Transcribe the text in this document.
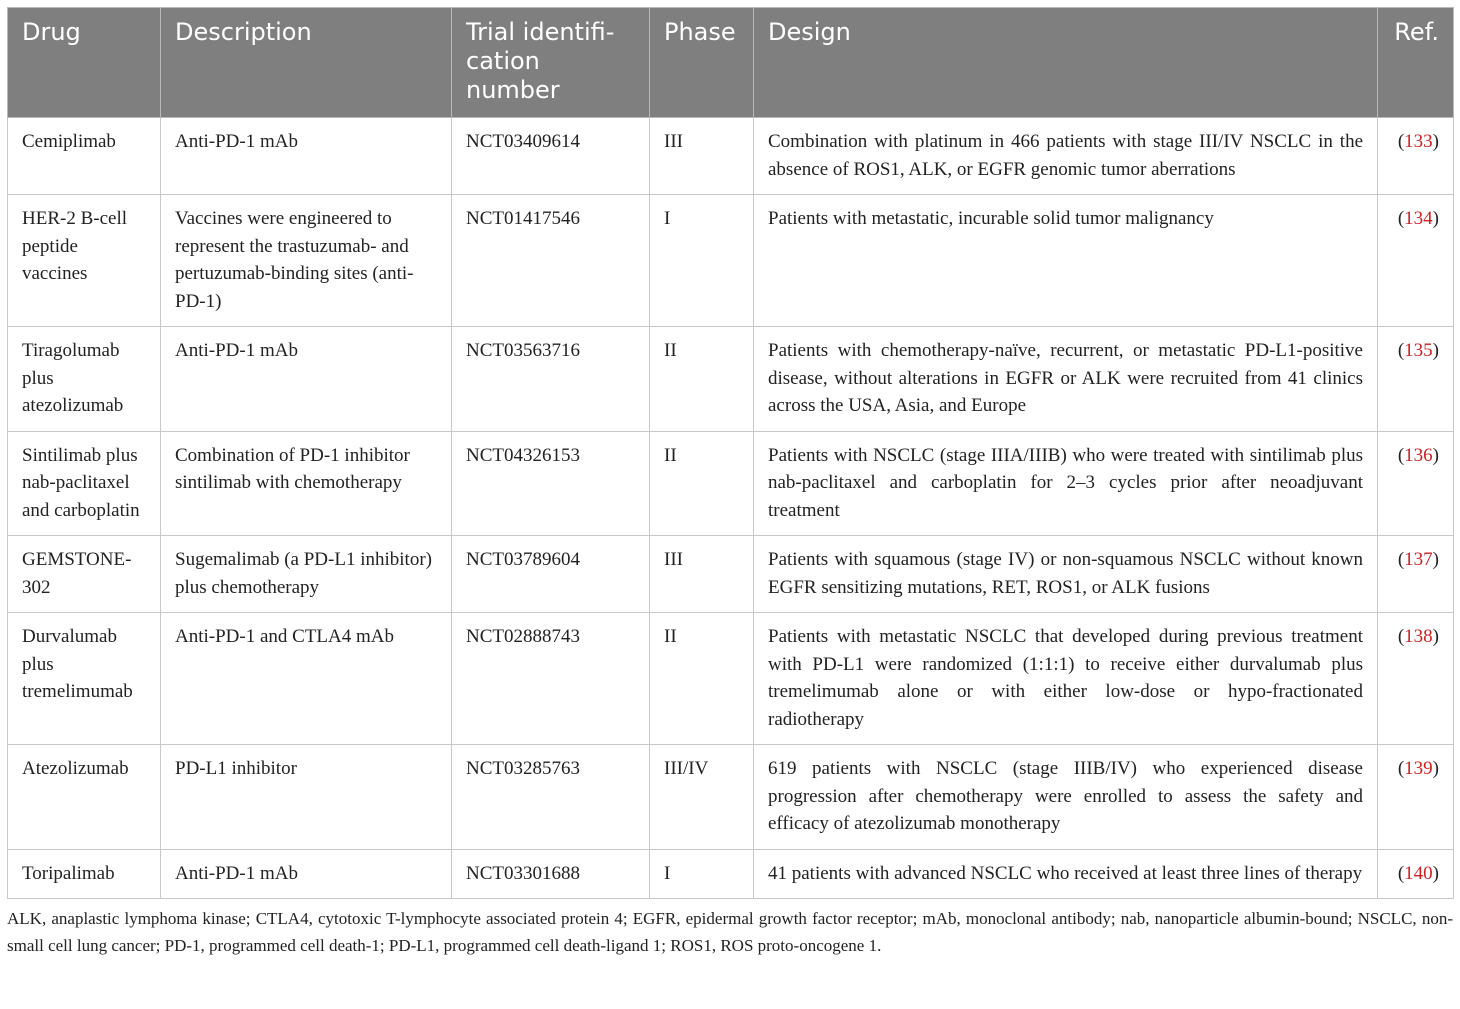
Drug	Description	Trial identifi-
cation
number	Phase	Design	Ref.
Cemiplimab	Anti-PD-1 mAb	NCT03409614	III	Combination with platinum in 466 patients with stage III/IV NSCLC in the absence of ROS1, ALK, or EGFR genomic tumor aberrations	(133)
HER-2 B-cell peptide vaccines	Vaccines were engineered to represent the trastuzumab- and pertuzumab-binding sites (anti-PD-1)	NCT01417546	I	Patients with metastatic, incurable solid tumor malignancy	(134)
Tiragolumab plus atezolizumab	Anti-PD-1 mAb	NCT03563716	II	Patients with chemotherapy-naïve, recurrent, or metastatic PD-L1-positive disease, without alterations in EGFR or ALK were recruited from 41 clinics across the USA, Asia, and Europe	(135)
Sintilimab plus nab-paclitaxel and carboplatin	Combination of PD-1 inhibitor sintilimab with chemotherapy	NCT04326153	II	Patients with NSCLC (stage IIIA/IIIB) who were treated with sintilimab plus nab-paclitaxel and carboplatin for 2–3 cycles prior after neoadjuvant treatment	(136)
GEMSTONE-302	Sugemalimab (a PD-L1 inhibitor) plus chemotherapy	NCT03789604	III	Patients with squamous (stage IV) or non-squamous NSCLC without known EGFR sensitizing mutations, RET, ROS1, or ALK fusions	(137)
Durvalumab plus tremelimumab	Anti-PD-1 and CTLA4 mAb	NCT02888743	II	Patients with metastatic NSCLC that developed during previous treatment with PD-L1 were randomized (1:1:1) to receive either durvalumab plus tremelimumab alone or with either low-dose or hypo-fractionated radiotherapy	(138)
Atezolizumab	PD-L1 inhibitor	NCT03285763	III/IV	619 patients with NSCLC (stage IIIB/IV) who experienced disease progression after chemotherapy were enrolled to assess the safety and efficacy of atezolizumab monotherapy	(139)
Toripalimab	Anti-PD-1 mAb	NCT03301688	I	41 patients with advanced NSCLC who received at least three lines of therapy	(140)
ALK, anaplastic lymphoma kinase; CTLA4, cytotoxic T-lymphocyte associated protein 4; EGFR, epidermal growth factor receptor; mAb, monoclonal antibody; nab, nanoparticle albumin-bound; NSCLC, non-small cell lung cancer; PD-1, programmed cell death-1; PD-L1, programmed cell death-ligand 1; ROS1, ROS proto-oncogene 1.
